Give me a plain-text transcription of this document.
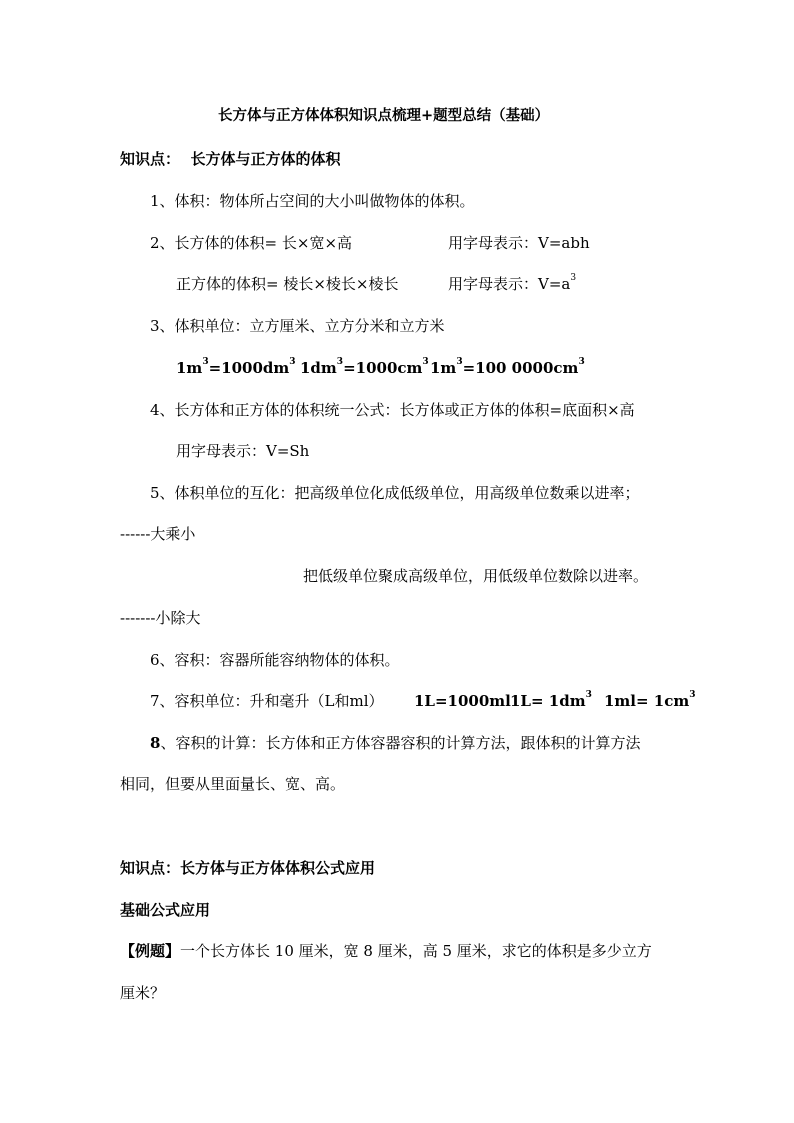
长方体与正方体体积知识点梳理+题型总结（基础）
知识点： 长方体与正方体的体积
1、体积：物体所占空间的大小叫做物体的体积。
2、长方体的体积= 长×宽×高	用字母表示：V=abh
正方体的体积= 棱长×棱长×棱长	用字母表示：$V=a^3$
3、体积单位：立方厘米、立方分米和立方米
$1m^3=1000dm^3$ $1dm^3=1000cm^3$ $1m^3=100$ $0000cm^3$
4、长方体和正方体的体积统一公式：长方体或正方体的体积=底面积×高
用字母表示：V=Sh
5、体积单位的互化：把高级单位化成低级单位，用高级单位数乘以进率；
------大乘小
把低级单位聚成高级单位，用低级单位数除以进率。
-------小除大
6、容积：容器所能容纳物体的体积。
7、容积单位：升和毫升（L和ml） 1L=1000ml $1L= 1dm^3$ $1ml= 1cm^3$
8、容积的计算：长方体和正方体容器容积的计算方法，跟体积的计算方法
相同，但要从里面量长、宽、高。
知识点：长方体与正方体体积公式应用
基础公式应用
【例题】一个长方体长 10 厘米，宽 8 厘米，高 5 厘米，求它的体积是多少立方
厘米？
